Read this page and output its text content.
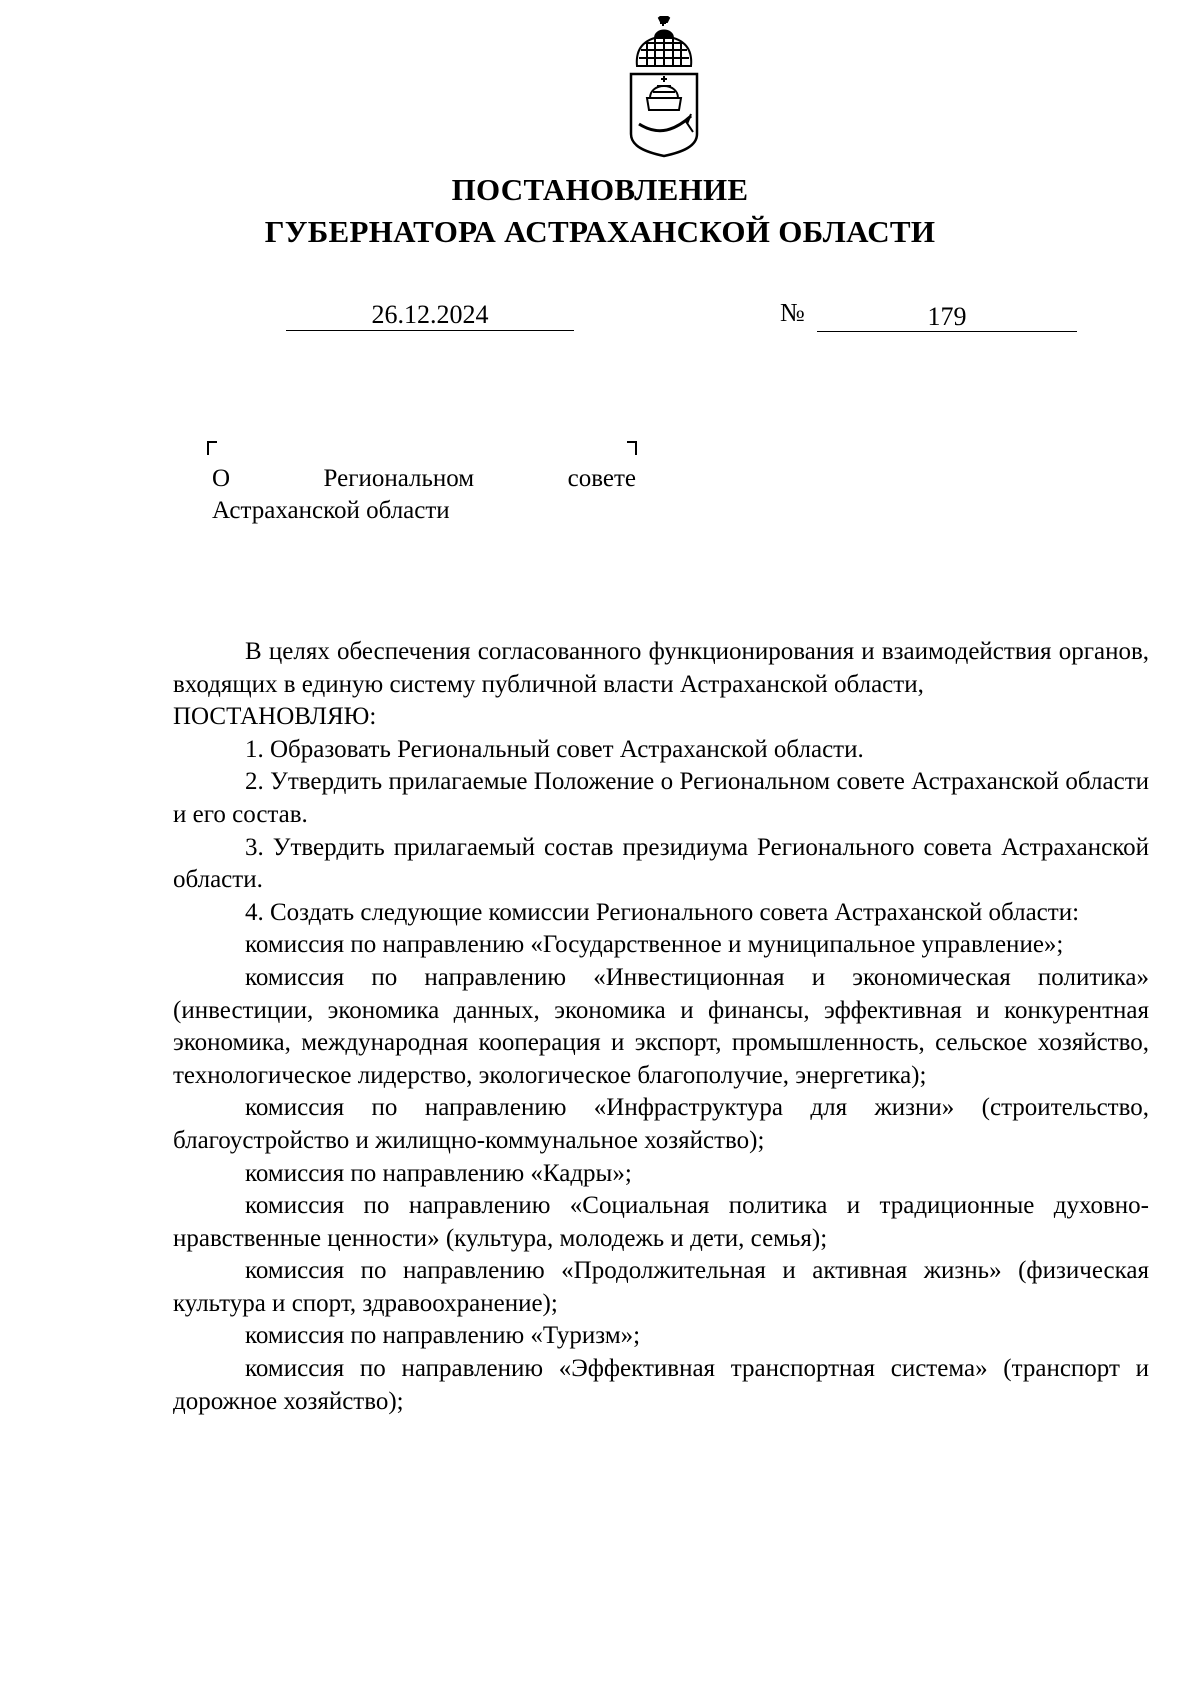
ПОСТАНОВЛЕНИЕ
ГУБЕРНАТОРА АСТРАХАНСКОЙ ОБЛАСТИ
26.12.2024	№	179
О	Региональном	совете
Астраханской области

В целях обеспечения согласованного функционирования и взаимодействия органов, входящих в единую систему публичной власти Астраханской области,

ПОСТАНОВЛЯЮ:

1. Образовать Региональный совет Астраханской области.

2. Утвердить прилагаемые Положение о Региональном совете Астраханской области и его состав.

3. Утвердить прилагаемый состав президиума Регионального совета Астраханской области.

4. Создать следующие комиссии Регионального совета Астраханской области:

комиссия по направлению «Государственное и муниципальное управление»;

комиссия по направлению «Инвестиционная и экономическая политика» (инвестиции, экономика данных, экономика и финансы, эффективная и конкурентная экономика, международная кооперация и экспорт, промышленность, сельское хозяйство, технологическое лидерство, экологическое благополучие, энергетика);

комиссия по направлению «Инфраструктура для жизни» (строительство, благоустройство и жилищно-коммунальное хозяйство);

комиссия по направлению «Кадры»;

комиссия по направлению «Социальная политика и традиционные духовно-нравственные ценности» (культура, молодежь и дети, семья);

комиссия по направлению «Продолжительная и активная жизнь» (физическая культура и спорт, здравоохранение);

комиссия по направлению «Туризм»;

комиссия по направлению «Эффективная транспортная система» (транспорт и дорожное хозяйство);
